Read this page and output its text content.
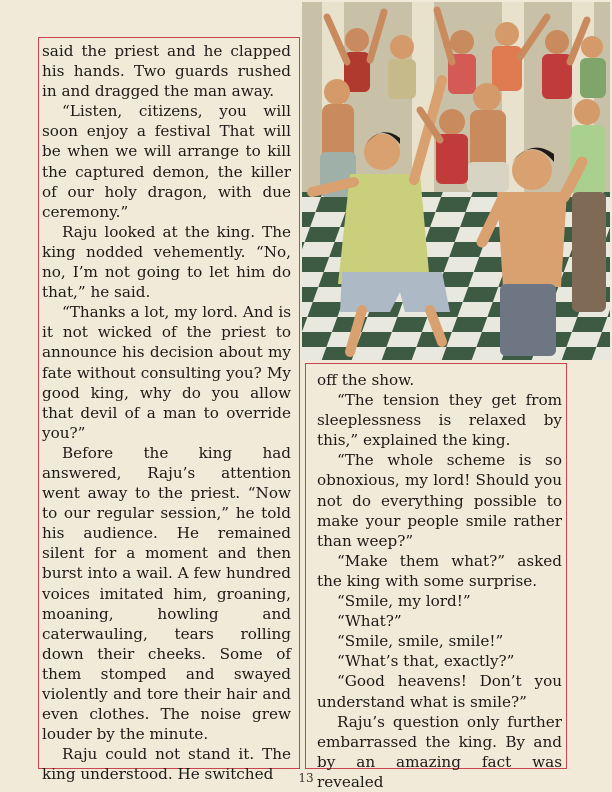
said the priest and he clapped his hands. Two guards rushed in and dragged the man away.

“Listen, citizens, you will soon enjoy a festival That will be when we will arrange to kill the captured demon, the killer of our holy dragon, with due ceremony.”

Raju looked at the king. The king nodded vehemently. “No, no, I’m not going to let him do that,” he said.

“Thanks a lot, my lord. And is it not wicked of the priest to announce his decision about my fate without consulting you? My good king, why do you allow that devil of a man to override you?”

Before the king had answered, Raju’s attention went away to the priest. “Now to our regular session,” he told his audience. He remained silent for a moment and then burst into a wail. A few hundred voices imitated him, groaning, moaning, howling and caterwauling, tears rolling down their cheeks. Some of them stomped and swayed violently and tore their hair and even clothes. The noise grew louder by the minute.

Raju could not stand it. The king understood. He switched

off the show.

“The tension they get from sleeplessness is relaxed by this,” explained the king.

“The whole scheme is so obnoxious, my lord! Should you not do everything possible to make your people smile rather than weep?”

“Make them what?” asked the king with some surprise.

“Smile, my lord!”

“What?”

“Smile, smile, smile!”

“What’s that, exactly?”

“Good heavens! Don’t you understand what is smile?”

Raju’s question only further embarrassed the king. By and by an amazing fact was revealed

13
